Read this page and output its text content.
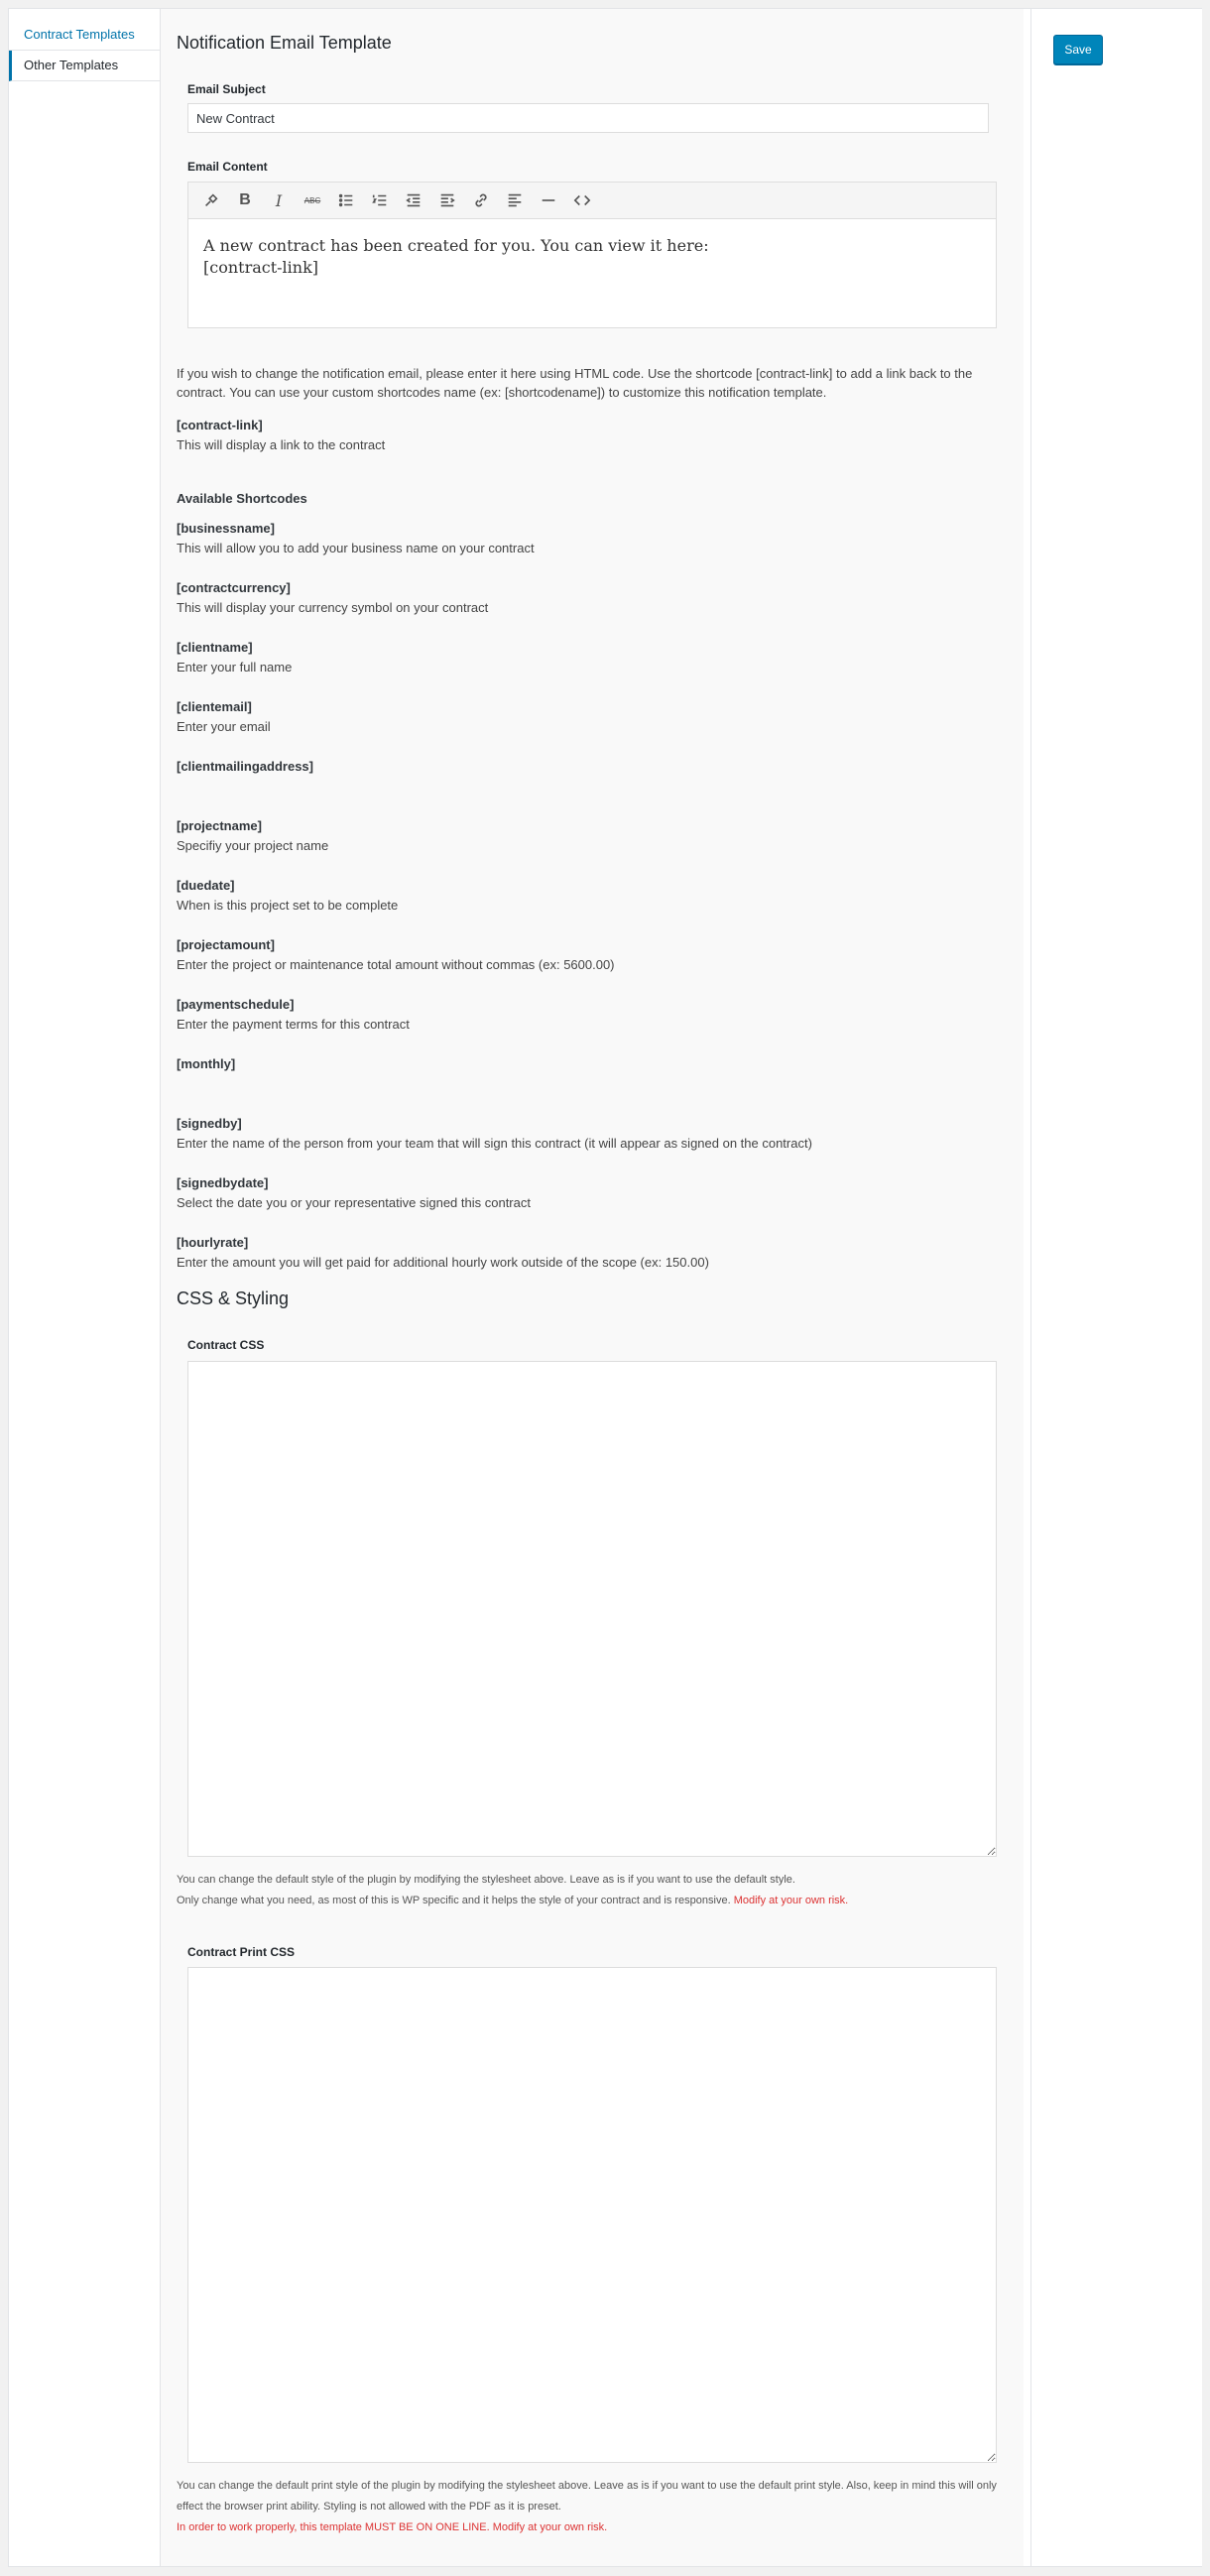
Contract Templates
Other Templates
Notification Email Template
Email Subject
New Contract
Email Content
B	I	ABC
A new contract has been created for you. You can view it here:
[contract-link]
If you wish to change the notification email, please enter it here using HTML code. Use the shortcode [contract-link] to add a link back to the contract. You can use your custom shortcodes name (ex: [shortcodename]) to customize this notification template.
[contract-link]
This will display a link to the contract
Available Shortcodes
[businessname]
This will allow you to add your business name on your contract
[contractcurrency]
This will display your currency symbol on your contract
[clientname]
Enter your full name
[clientemail]
Enter your email
[clientmailingaddress]
[projectname]
Specifiy your project name
[duedate]
When is this project set to be complete
[projectamount]
Enter the project or maintenance total amount without commas (ex: 5600.00)
[paymentschedule]
Enter the payment terms for this contract
[monthly]
[signedby]
Enter the name of the person from your team that will sign this contract (it will appear as signed on the contract)
[signedbydate]
Select the date you or your representative signed this contract
[hourlyrate]
Enter the amount you will get paid for additional hourly work outside of the scope (ex: 150.00)
CSS & Styling
Contract CSS
You can change the default style of the plugin by modifying the stylesheet above. Leave as is if you want to use the default style.
Only change what you need, as most of this is WP specific and it helps the style of your contract and is responsive. Modify at your own risk.
Contract Print CSS
You can change the default print style of the plugin by modifying the stylesheet above. Leave as is if you want to use the default print style. Also, keep in mind this will only
effect the browser print ability. Styling is not allowed with the PDF as it is preset.
In order to work properly, this template MUST BE ON ONE LINE. Modify at your own risk.
Save
